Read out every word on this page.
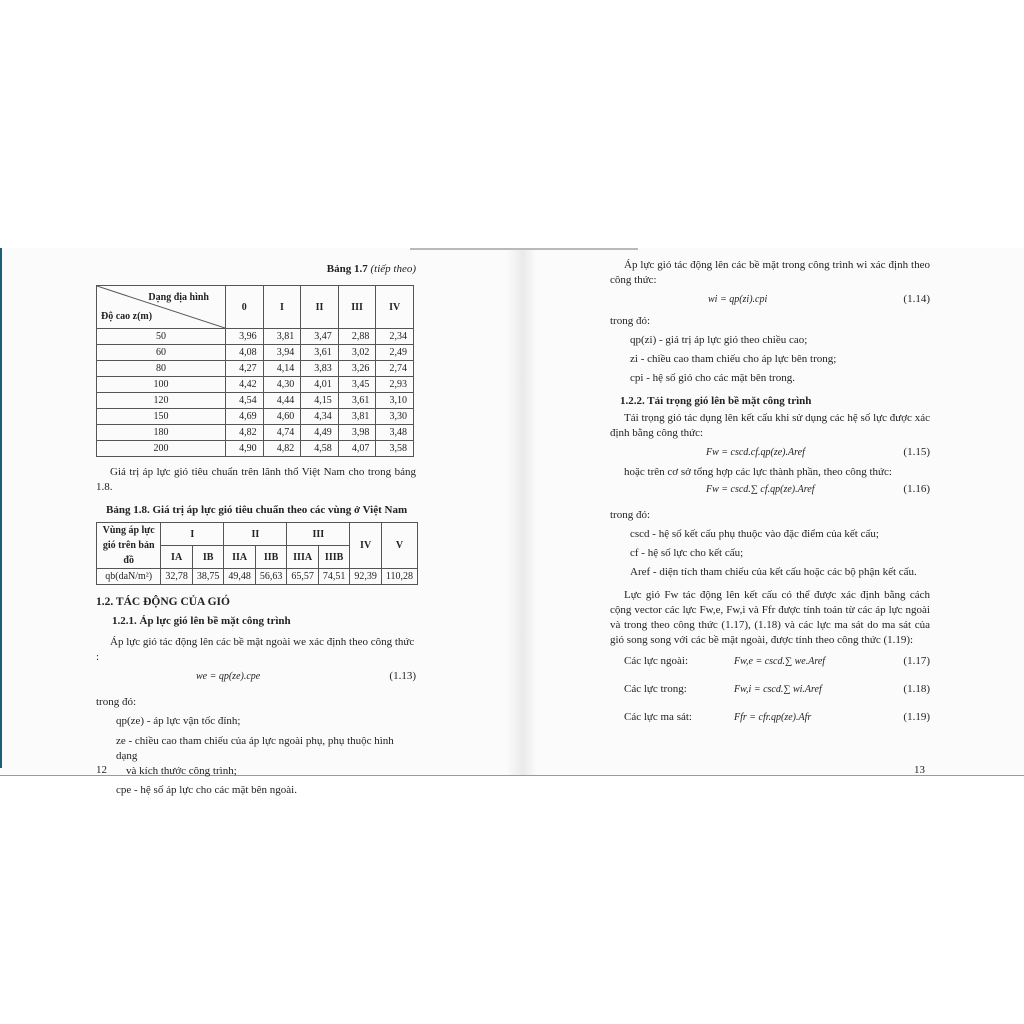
Bảng 1.7 (tiếp theo)

Dạng địa hình
Độ cao z(m)	0	I	II	III	IV
50	3,96	3,81	3,47	2,88	2,34
60	4,08	3,94	3,61	3,02	2,49
80	4,27	4,14	3,83	3,26	2,74
100	4,42	4,30	4,01	3,45	2,93
120	4,54	4,44	4,15	3,61	3,10
150	4,69	4,60	4,34	3,81	3,30
180	4,82	4,74	4,49	3,98	3,48
200	4,90	4,82	4,58	4,07	3,58

Giá trị áp lực gió tiêu chuẩn trên lãnh thổ Việt Nam cho trong bảng 1.8.

Bảng 1.8. Giá trị áp lực gió tiêu chuẩn theo các vùng ở Việt Nam

Vùng áp lực gió trên bản đồ	I		II		III		IV	V
	IA	IB	IIA	IIB	IIIA	IIIB		
qb(daN/m²)	32,78	38,75	49,48	56,63	65,57	74,51	92,39	110,28
1.2. TÁC ĐỘNG CỦA GIÓ
1.2.1. Áp lực gió lên bề mặt công trình

Áp lực gió tác động lên các bề mặt ngoài we xác định theo công thức :

we = qp(ze).cpe	(1.13)

trong đó:

qp(ze) - áp lực vận tốc đỉnh;

ze - chiều cao tham chiếu của áp lực ngoài phụ, phụ thuộc hình dạng

và kích thước công trình;

cpe - hệ số áp lực cho các mặt bên ngoài.

12

Áp lực gió tác động lên các bề mặt trong công trình wi xác định theo công thức:

wi = qp(zi).cpi	(1.14)

trong đó:

qp(zi) - giá trị áp lực gió theo chiều cao;

zi - chiều cao tham chiếu cho áp lực bên trong;

cpi - hệ số gió cho các mặt bên trong.

1.2.2. Tải trọng gió lên bề mặt công trình

Tải trọng gió tác dụng lên kết cấu khi sử dụng các hệ số lực được xác định bằng công thức:

Fw = cscd.cf.qp(ze).Aref	(1.15)

hoặc trên cơ sở tổng hợp các lực thành phần, theo công thức:

Fw = cscd.∑ cf.qp(ze).Aref	(1.16)

trong đó:

cscd - hệ số kết cấu phụ thuộc vào đặc điểm của kết cấu;

cf - hệ số lực cho kết cấu;

Aref - diện tích tham chiếu của kết cấu hoặc các bộ phận kết cấu.

Lực gió Fw tác động lên kết cấu có thể được xác định bằng cách cộng vector các lực Fw,e, Fw,i và Ffr được tính toán từ các áp lực ngoài và trong theo công thức (1.17), (1.18) và các lực ma sát do ma sát của gió song song với các bề mặt ngoài, được tính theo công thức (1.19):

Các lực ngoài:	Fw,e = cscd.∑ we.Aref	(1.17)
Các lực trong:	Fw,i = cscd.∑ wi.Aref	(1.18)
Các lực ma sát:	Ffr = cfr.qp(ze).Afr	(1.19)
13
